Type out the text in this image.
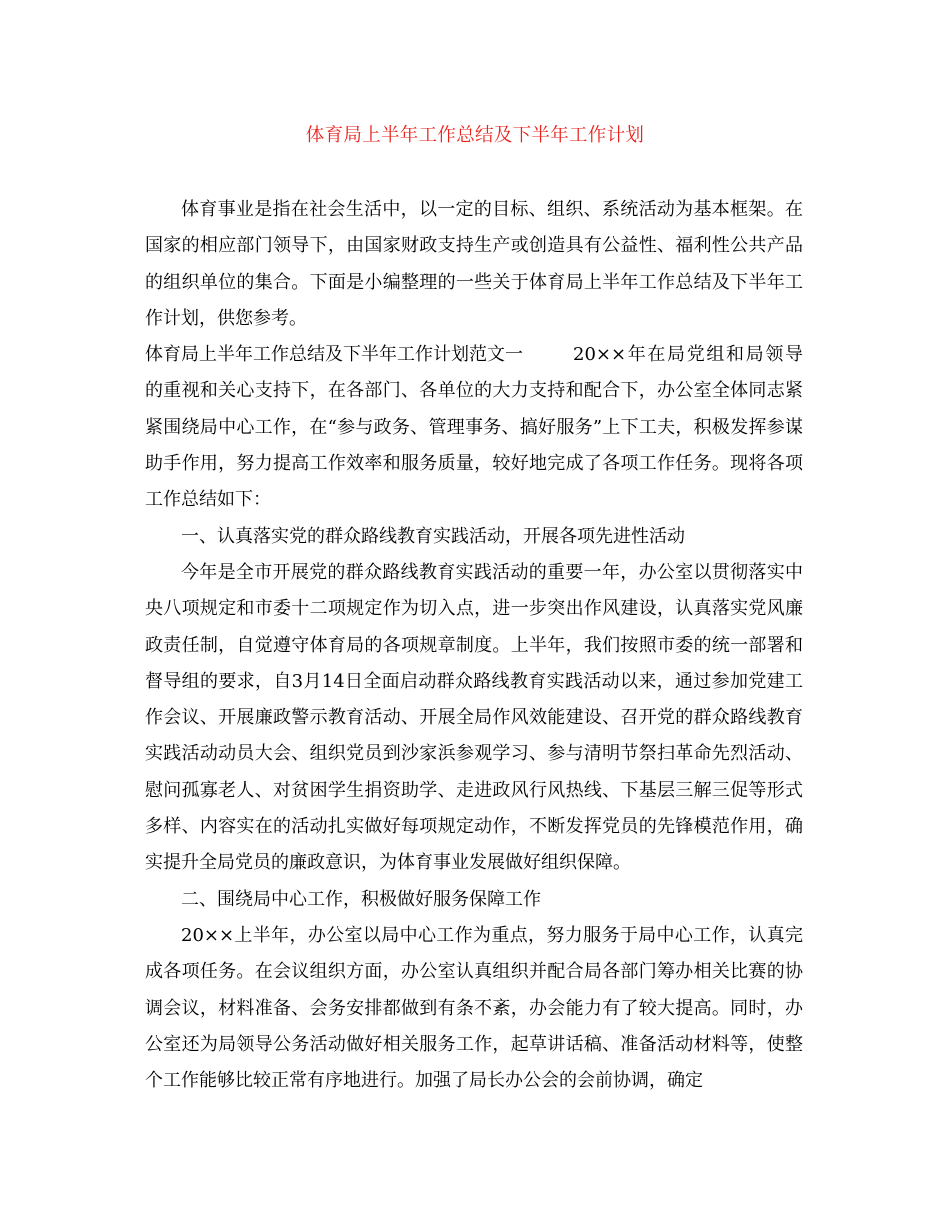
体育局上半年工作总结及下半年工作计划

体育事业是指在社会生活中，以一定的目标、组织、系统活动为基本框架。在国家的相应部门领导下，由国家财政支持生产或创造具有公益性、福利性公共产品的组织单位的集合。下面是小编整理的一些关于体育局上半年工作总结及下半年工作计划，供您参考。

体育局上半年工作总结及下半年工作计划范文一	20××年在局党组和局领导的重视和关心支持下，在各部门、各单位的大力支持和配合下，办公室全体同志紧紧围绕局中心工作，在“参与政务、管理事务、搞好服务”上下工夫，积极发挥参谋助手作用，努力提高工作效率和服务质量，较好地完成了各项工作任务。现将各项工作总结如下：

一、认真落实党的群众路线教育实践活动，开展各项先进性活动

今年是全市开展党的群众路线教育实践活动的重要一年，办公室以贯彻落实中央八项规定和市委十二项规定作为切入点，进一步突出作风建设，认真落实党风廉政责任制，自觉遵守体育局的各项规章制度。上半年，我们按照市委的统一部署和督导组的要求，自3月14日全面启动群众路线教育实践活动以来，通过参加党建工作会议、开展廉政警示教育活动、开展全局作风效能建设、召开党的群众路线教育实践活动动员大会、组织党员到沙家浜参观学习、参与清明节祭扫革命先烈活动、慰问孤寡老人、对贫困学生捐资助学、走进政风行风热线、下基层三解三促等形式多样、内容实在的活动扎实做好每项规定动作，不断发挥党员的先锋模范作用，确实提升全局党员的廉政意识，为体育事业发展做好组织保障。

二、围绕局中心工作，积极做好服务保障工作

20××上半年，办公室以局中心工作为重点，努力服务于局中心工作，认真完成各项任务。在会议组织方面，办公室认真组织并配合局各部门筹办相关比赛的协调会议，材料准备、会务安排都做到有条不紊，办会能力有了较大提高。同时，办公室还为局领导公务活动做好相关服务工作，起草讲话稿、准备活动材料等，使整个工作能够比较正常有序地进行。加强了局长办公会的会前协调，确定
